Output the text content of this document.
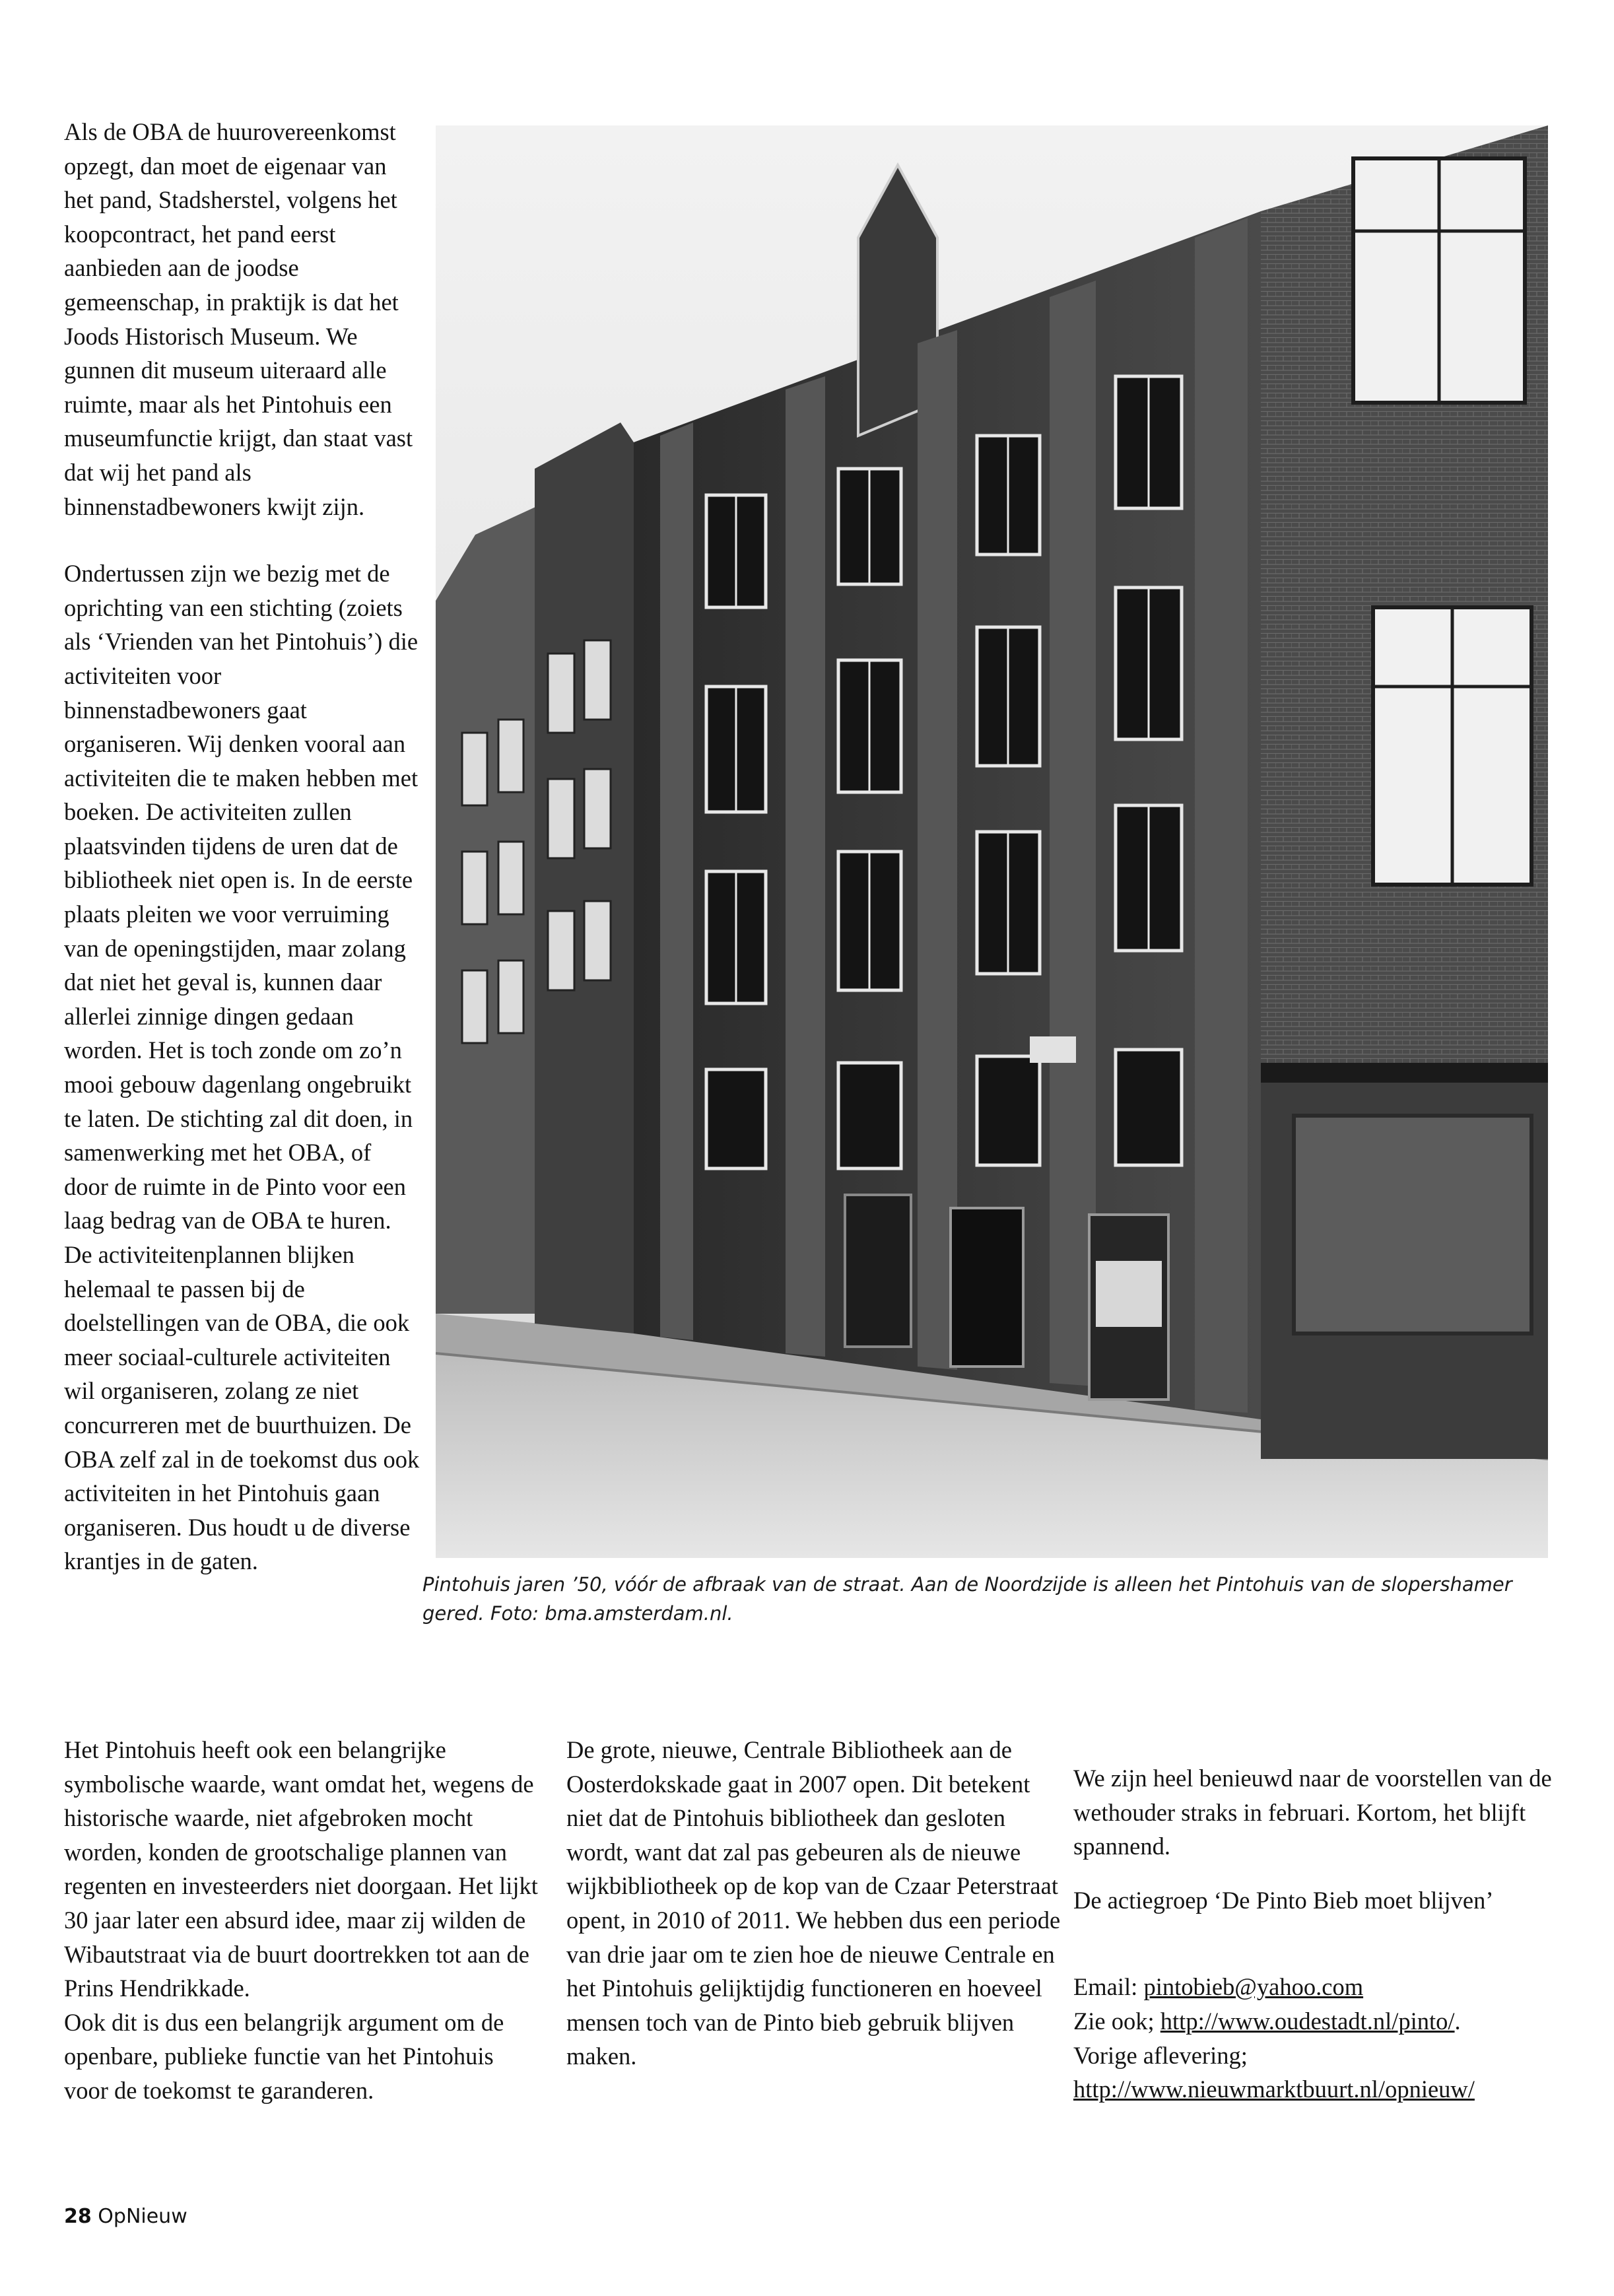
Als de OBA de huurovereenkomst opzegt, dan moet de eigenaar van het pand, Stadsherstel, volgens het koopcontract, het pand eerst aanbieden aan de joodse gemeenschap, in praktijk is dat het Joods Historisch Museum. We gunnen dit museum uiteraard alle ruimte, maar als het Pintohuis een museumfunctie krijgt, dan staat vast dat wij het pand als binnenstadbewoners kwijt zijn.

Ondertussen zijn we bezig met de oprichting van een stichting (zoiets als ‘Vrienden van het Pintohuis’) die activiteiten voor binnenstadbewoners gaat organiseren. Wij denken vooral aan activiteiten die te maken hebben met boeken. De activiteiten zullen plaatsvinden tijdens de uren dat de bibliotheek niet open is. In de eerste plaats pleiten we voor verruiming van de openingstijden, maar zolang dat niet het geval is, kunnen daar allerlei zinnige dingen gedaan worden. Het is toch zonde om zo’n mooi gebouw dagenlang ongebruikt te laten. De stichting zal dit doen, in samenwerking met het OBA, of door de ruimte in de Pinto voor een laag bedrag van de OBA te huren. De activiteitenplannen blijken helemaal te passen bij de doelstellingen van de OBA, die ook meer sociaal-culturele activiteiten wil organiseren, zolang ze niet concurreren met de buurthuizen. De OBA zelf zal in de toekomst dus ook activiteiten in het Pintohuis gaan organiseren. Dus houdt u de diverse krantjes in de gaten.

Pintohuis jaren ’50, vóór de afbraak van de straat. Aan de Noordzijde is alleen het Pintohuis van de slopershamer gered. Foto: bma.amsterdam.nl.

Het Pintohuis heeft ook een belangrijke symbolische waarde, want omdat het, wegens de historische waarde, niet afgebroken mocht worden, konden de grootschalige plannen van regenten en investeerders niet doorgaan. Het lijkt 30 jaar later een absurd idee, maar zij wilden de Wibautstraat via de buurt doortrekken tot aan de Prins Hendrikkade.

Ook dit is dus een belangrijk argument om de openbare, publieke functie van het Pintohuis voor de toekomst te garanderen.

De grote, nieuwe, Centrale Bibliotheek aan de Oosterdokskade gaat in 2007 open. Dit betekent niet dat de Pintohuis bibliotheek dan gesloten wordt, want dat zal pas gebeuren als de nieuwe wijkbibliotheek op de kop van de Czaar Peterstraat opent, in 2010 of 2011. We hebben dus een periode van drie jaar om te zien hoe de nieuwe Centrale en het Pintohuis gelijktijdig functioneren en hoeveel mensen toch van de Pinto bieb gebruik blijven maken.

We zijn heel benieuwd naar de voorstellen van de wethouder straks in februari. Kortom, het blijft spannend.

De actiegroep ‘De Pinto Bieb moet blijven’

Email: pintobieb@yahoo.com
Zie ook; http://www.oudestadt.nl/pinto/.
Vorige aflevering;
http://www.nieuwmarktbuurt.nl/opnieuw/

28 OpNieuw
